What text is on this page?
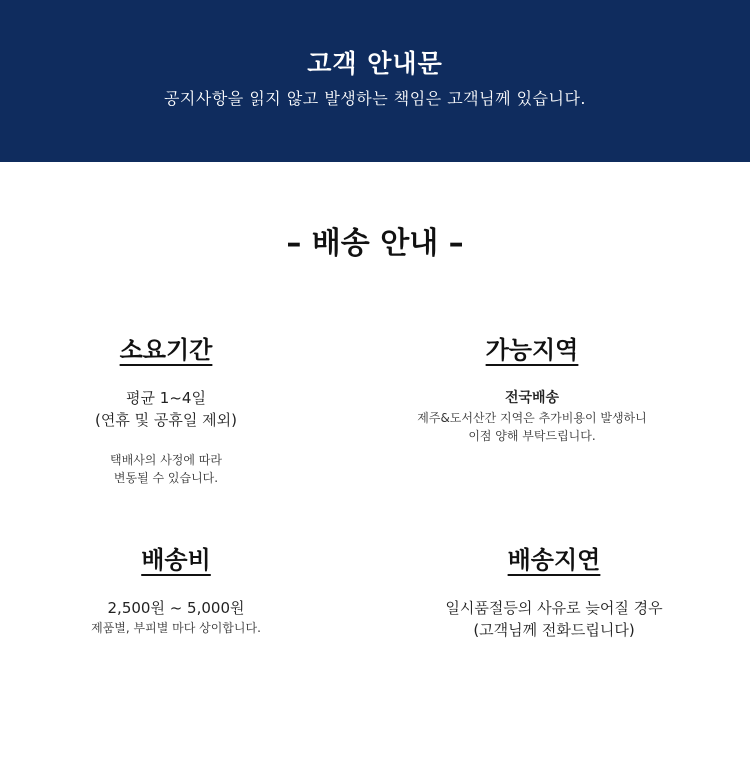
고객 안내문
공지사항을 읽지 않고 발생하는 책임은 고객님께 있습니다.
– 배송 안내 –
소요기간
평균 1~4일
(연휴 및 공휴일 제외)
택배사의 사정에 따라
변동될 수 있습니다.
가능지역
전국배송
제주&도서산간 지역은 추가비용이 발생하니
이점 양해 부탁드립니다.
배송비
2,500원 ~ 5,000원
제품별, 부피별 마다 상이합니다.
배송지연
일시품절등의 사유로 늦어질 경우
(고객님께 전화드립니다)
